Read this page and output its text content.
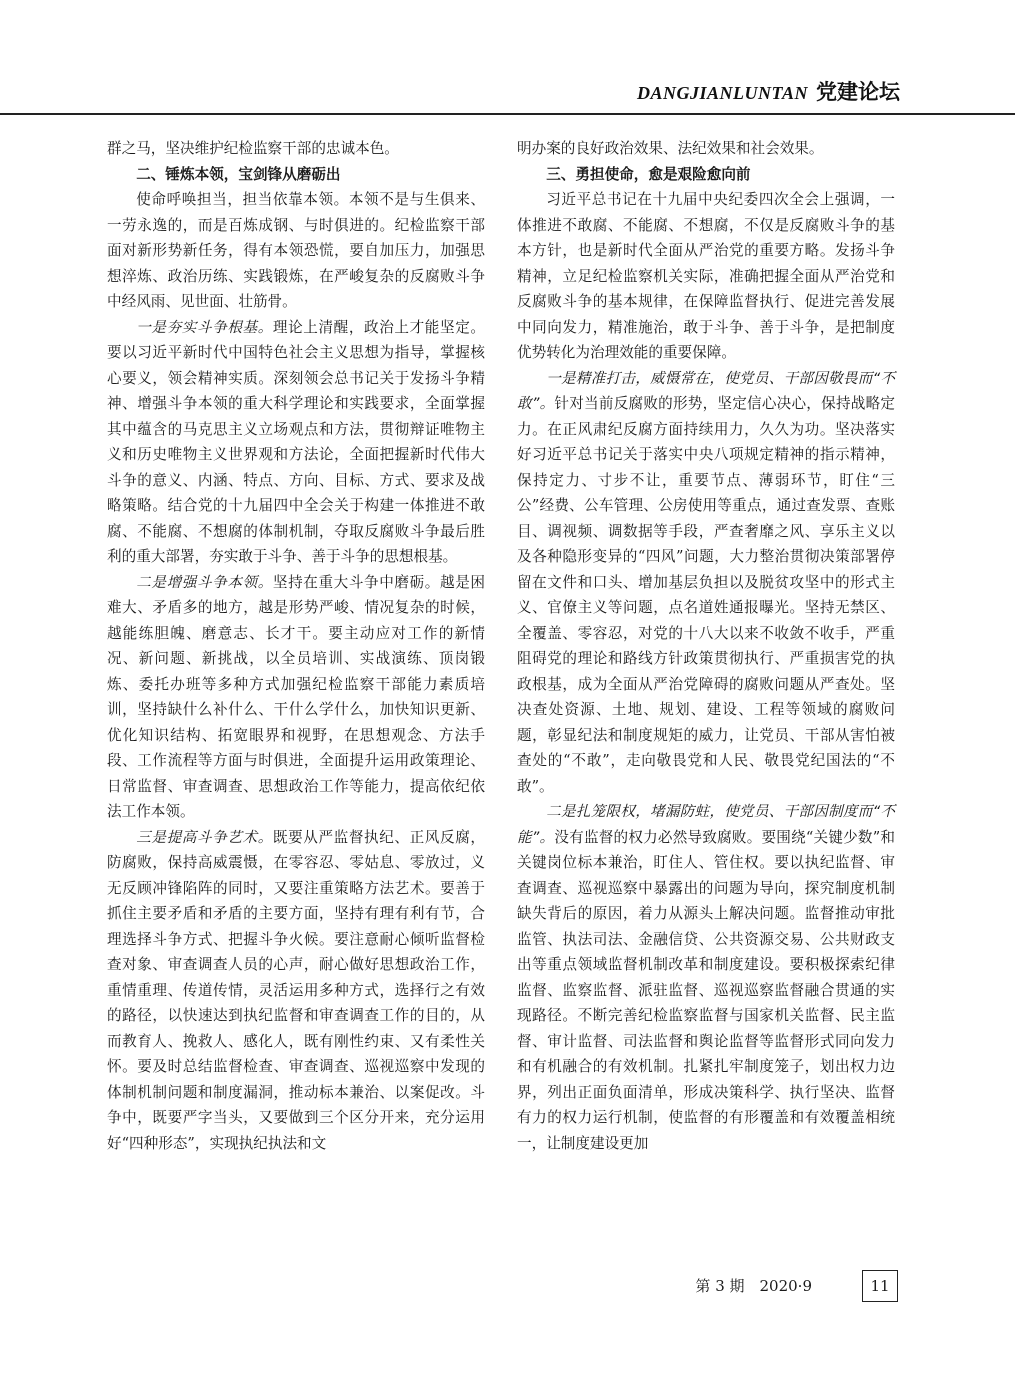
DANGJIANLUNTAN 党建论坛

群之马，坚决维护纪检监察干部的忠诚本色。

二、锤炼本领，宝剑锋从磨砺出

使命呼唤担当，担当依靠本领。本领不是与生俱来、一劳永逸的，而是百炼成钢、与时俱进的。纪检监察干部面对新形势新任务，得有本领恐慌，要自加压力，加强思想淬炼、政治历练、实践锻炼，在严峻复杂的反腐败斗争中经风雨、见世面、壮筋骨。

一是夯实斗争根基。理论上清醒，政治上才能坚定。要以习近平新时代中国特色社会主义思想为指导，掌握核心要义，领会精神实质。深刻领会总书记关于发扬斗争精神、增强斗争本领的重大科学理论和实践要求，全面掌握其中蕴含的马克思主义立场观点和方法，贯彻辩证唯物主义和历史唯物主义世界观和方法论，全面把握新时代伟大斗争的意义、内涵、特点、方向、目标、方式、要求及战略策略。结合党的十九届四中全会关于构建一体推进不敢腐、不能腐、不想腐的体制机制，夺取反腐败斗争最后胜利的重大部署，夯实敢于斗争、善于斗争的思想根基。

二是增强斗争本领。坚持在重大斗争中磨砺。越是困难大、矛盾多的地方，越是形势严峻、情况复杂的时候，越能练胆魄、磨意志、长才干。要主动应对工作的新情况、新问题、新挑战，以全员培训、实战演练、顶岗锻炼、委托办班等多种方式加强纪检监察干部能力素质培训，坚持缺什么补什么、干什么学什么，加快知识更新、优化知识结构、拓宽眼界和视野，在思想观念、方法手段、工作流程等方面与时俱进，全面提升运用政策理论、日常监督、审查调查、思想政治工作等能力，提高依纪依法工作本领。

三是提高斗争艺术。既要从严监督执纪、正风反腐，防腐败，保持高威震慑，在零容忍、零姑息、零放过，义无反顾冲锋陷阵的同时，又要注重策略方法艺术。要善于抓住主要矛盾和矛盾的主要方面，坚持有理有利有节，合理选择斗争方式、把握斗争火候。要注意耐心倾听监督检查对象、审查调查人员的心声，耐心做好思想政治工作，重情重理、传道传情，灵活运用多种方式，选择行之有效的路径，以快速达到执纪监督和审查调查工作的目的，从而教育人、挽救人、感化人，既有刚性约束、又有柔性关怀。要及时总结监督检查、审查调查、巡视巡察中发现的体制机制问题和制度漏洞，推动标本兼治、以案促改。斗争中，既要严字当头，又要做到三个区分开来，充分运用好“四种形态”，实现执纪执法和文

明办案的良好政治效果、法纪效果和社会效果。

三、勇担使命，愈是艰险愈向前

习近平总书记在十九届中央纪委四次全会上强调，一体推进不敢腐、不能腐、不想腐，不仅是反腐败斗争的基本方针，也是新时代全面从严治党的重要方略。发扬斗争精神，立足纪检监察机关实际，准确把握全面从严治党和反腐败斗争的基本规律，在保障监督执行、促进完善发展中同向发力，精准施治，敢于斗争、善于斗争，是把制度优势转化为治理效能的重要保障。

一是精准打击，威慑常在，使党员、干部因敬畏而“不敢”。针对当前反腐败的形势，坚定信心决心，保持战略定力。在正风肃纪反腐方面持续用力，久久为功。坚决落实好习近平总书记关于落实中央八项规定精神的指示精神，保持定力、寸步不让，重要节点、薄弱环节，盯住“三公”经费、公车管理、公房使用等重点，通过查发票、查账目、调视频、调数据等手段，严查奢靡之风、享乐主义以及各种隐形变异的“四风”问题，大力整治贯彻决策部署停留在文件和口头、增加基层负担以及脱贫攻坚中的形式主义、官僚主义等问题，点名道姓通报曝光。坚持无禁区、全覆盖、零容忍，对党的十八大以来不收敛不收手，严重阻碍党的理论和路线方针政策贯彻执行、严重损害党的执政根基，成为全面从严治党障碍的腐败问题从严查处。坚决查处资源、土地、规划、建设、工程等领域的腐败问题，彰显纪法和制度规矩的威力，让党员、干部从害怕被查处的“不敢”，走向敬畏党和人民、敬畏党纪国法的“不敢”。

二是扎笼限权，堵漏防蛀，使党员、干部因制度而“不能”。没有监督的权力必然导致腐败。要围绕“关键少数”和关键岗位标本兼治，盯住人、管住权。要以执纪监督、审查调查、巡视巡察中暴露出的问题为导向，探究制度机制缺失背后的原因，着力从源头上解决问题。监督推动审批监管、执法司法、金融信贷、公共资源交易、公共财政支出等重点领域监督机制改革和制度建设。要积极探索纪律监督、监察监督、派驻监督、巡视巡察监督融合贯通的实现路径。不断完善纪检监察监督与国家机关监督、民主监督、审计监督、司法监督和舆论监督等监督形式同向发力和有机融合的有效机制。扎紧扎牢制度笼子，划出权力边界，列出正面负面清单，形成决策科学、执行坚决、监督有力的权力运行机制，使监督的有形覆盖和有效覆盖相统一，让制度建设更加

第 3 期　2020·9	11
